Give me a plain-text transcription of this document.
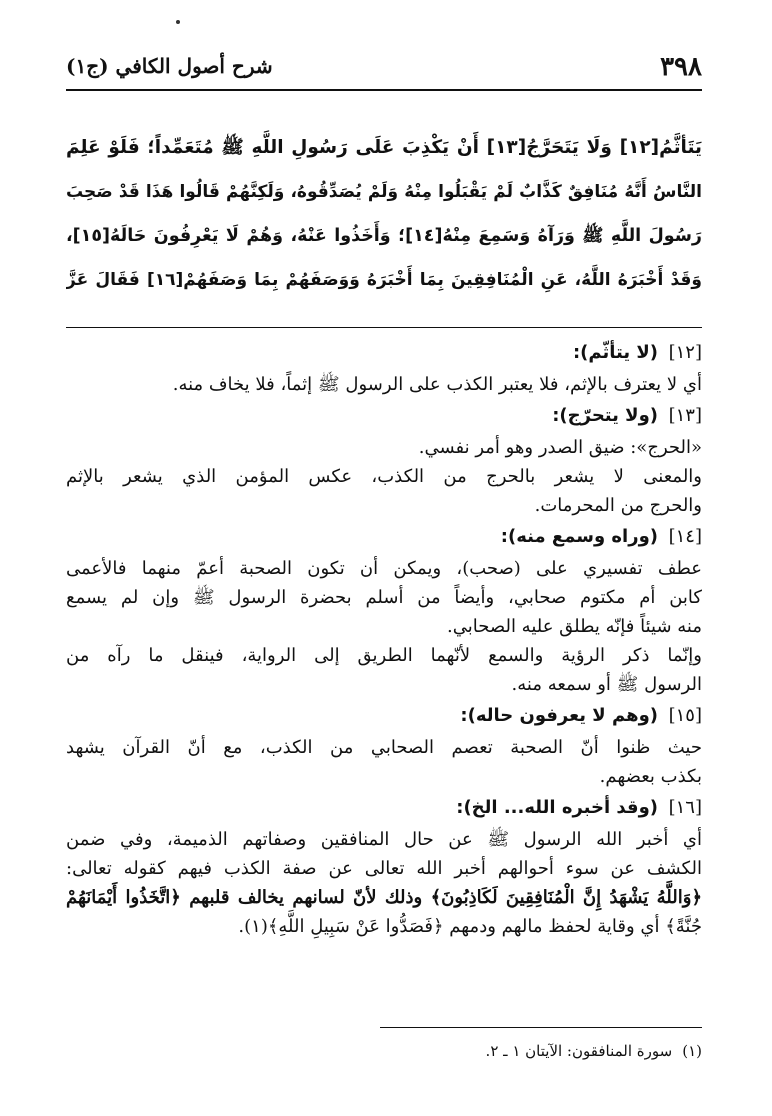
٣٩٨
شرح أصول الكافي (ج١)

يَتَأثَّمُ[١٢] وَلَا يَتَحَرَّجُ[١٣] أَنْ يَكْذِبَ عَلَى رَسُولِ اللَّهِ ﷺ مُتَعَمِّداً؛ فَلَوْ عَلِمَ

النَّاسُ أَنَّهُ مُنَافِقٌ كَذَّابٌ لَمْ يَقْبَلُوا مِنْهُ وَلَمْ يُصَدِّقُوهُ، وَلَكِنَّهُمْ قَالُوا هَذَا قَدْ صَحِبَ

رَسُولَ اللَّهِ ﷺ وَرَآهُ وَسَمِعَ مِنْهُ[١٤]؛ وَأَخَذُوا عَنْهُ، وَهُمْ لَا يَعْرِفُونَ حَالَهُ[١٥]،

وَقَدْ أَخْبَرَهُ اللَّهُ، عَنِ الْمُنَافِقِينَ بِمَا أَخْبَرَهُ وَوَصَفَهُمْ بِمَا وَصَفَهُمْ[١٦] فَقَالَ عَزَّ

[١٢]
(لا يتأثّم):
أي لا يعترف بالإثم، فلا يعتبر الكذب على الرسول ﷺ إثماً، فلا يخاف منه.
[١٣]
(ولا يتحرّج):
«الحرج»: ضيق الصدر وهو أمر نفسي.
والمعنى لا يشعر بالحرج من الكذب، عكس المؤمن الذي يشعر بالإثم
والحرج من المحرمات.
[١٤]
(وراه وسمع منه):
عطف تفسيري على (صحب)، ويمكن أن تكون الصحبة أعمّ منهما فالأعمى
كابن أم مكتوم صحابي، وأيضاً من أسلم بحضرة الرسول ﷺ وإن لم يسمع
منه شيئاً فإنّه يطلق عليه الصحابي.
وإنّما ذكر الرؤية والسمع لأنّهما الطريق إلى الرواية، فينقل ما رآه من
الرسول ﷺ أو سمعه منه.
[١٥]
(وهم لا يعرفون حاله):
حيث ظنوا أنّ الصحبة تعصم الصحابي من الكذب، مع أنّ القرآن يشهد
بكذب بعضهم.
[١٦]
(وقد أخبره الله... الخ):
أي أخبر الله الرسول ﷺ عن حال المنافقين وصفاتهم الذميمة، وفي ضمن
الكشف عن سوء أحوالهم أخبر الله تعالى عن صفة الكذب فيهم كقوله تعالى:
﴿وَاللَّهُ يَشْهَدُ إِنَّ الْمُنَافِقِينَ لَكَاذِبُونَ﴾ وذلك لأنّ لسانهم يخالف قلبهم ﴿اتَّخَذُوا أَيْمَانَهُمْ
جُنَّةً﴾ أي وقاية لحفظ مالهم ودمهم ﴿فَصَدُّوا عَنْ سَبِيلِ اللَّهِ﴾(١).
(١)
سورة المنافقون: الآيتان ١ ـ ٢.
